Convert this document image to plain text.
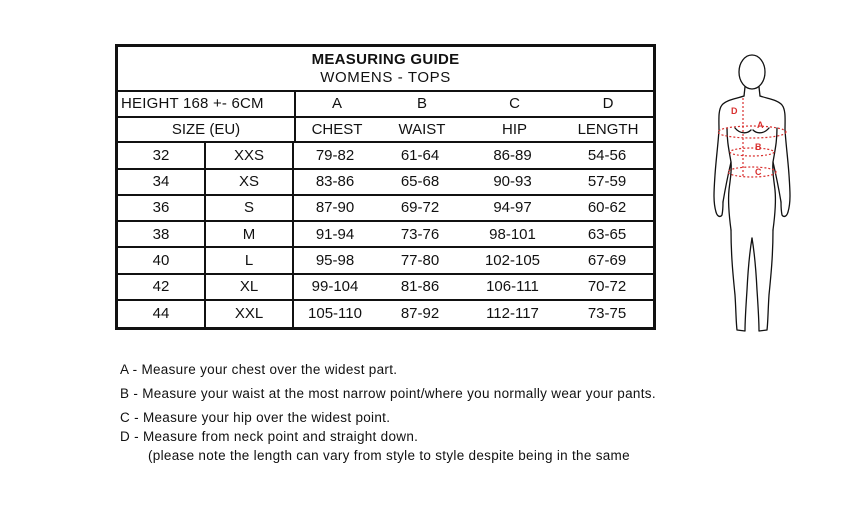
MEASURING GUIDE
WOMENS - TOPS
HEIGHT 168 +- 6CM	A	B	C	D
SIZE (EU)	CHEST	WAIST	HIP	LENGTH
32	XXS	79-82	61-64	86-89	54-56
34	XS	83-86	65-68	90-93	57-59
36	S	87-90	69-72	94-97	60-62
38	M	91-94	73-76	98-101	63-65
40	L	95-98	77-80	102-105	67-69
42	XL	99-104	81-86	106-111	70-72
44	XXL	105-110	87-92	112-117	73-75
D
A
B
C
A - Measure your chest over the widest part.
B - Measure your waist at the most narrow point/where you normally wear your pants.
C - Measure your hip over the widest point.
D - Measure from neck point and straight down.
(please note the length can vary from style to style despite being in the same
